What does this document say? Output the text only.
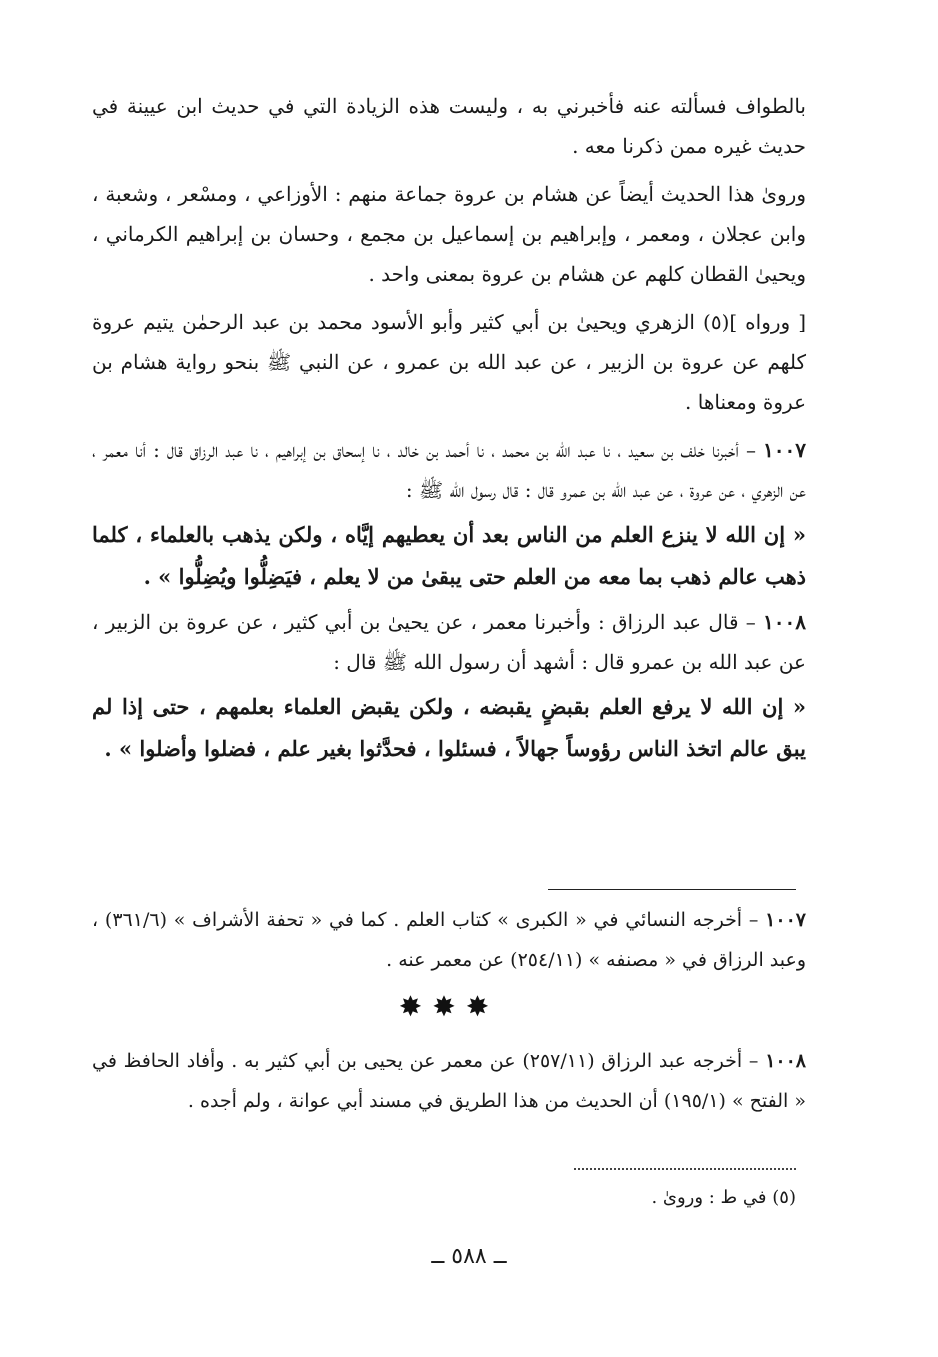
بالطواف فسألته عنه فأخبرني به ، وليست هذه الزيادة التي في حديث ابن عيينة في حديث غيره ممن ذكرنا معه .

وروىٰ هذا الحديث أيضاً عن هشام بن عروة جماعة منهم : الأوزاعي ، ومسْعر ، وشعبة ، وابن عجلان ، ومعمر ، وإبراهيم بن إسماعيل بن مجمع ، وحسان بن إبراهيم الكرماني ، ويحيىٰ القطان كلهم عن هشام بن عروة بمعنى واحد .

[ ورواه ](٥) الزهري ويحيىٰ بن أبي كثير وأبو الأسود محمد بن عبد الرحمٰن يتيم عروة كلهم عن عروة بن الزبير ، عن عبد الله بن عمرو ، عن النبي ﷺ بنحو رواية هشام بن عروة ومعناها .

١٠٠٧ – أخبرنا خلف بن سعيد ، نا عبد الله بن محمد ، نا أحمد بن خالد ، نا إسحاق بن إبراهيم ، نا عبد الرزاق قال : أنا معمر ، عن الزهري ، عن عروة ، عن عبد الله بن عمرو قال : قال رسول الله ﷺ :

« إن الله لا ينزع العلم من الناس بعد أن يعطيهم إيَّاه ، ولكن يذهب بالعلماء ، كلما ذهب عالم ذهب بما معه من العلم حتى يبقىٰ من لا يعلم ، فيَضِلُّوا ويُضِلُّوا » .

١٠٠٨ – قال عبد الرزاق : وأخبرنا معمر ، عن يحيىٰ بن أبي كثير ، عن عروة بن الزبير ، عن عبد الله بن عمرو قال : أشهد أن رسول الله ﷺ قال :

« إن الله لا يرفع العلم بقبضٍ يقبضه ، ولكن يقبض العلماء بعلمهم ، حتى إذا لم يبق عالم اتخذ الناس رؤوساً جهالاً ، فسئلوا ، فحدَّثوا بغير علم ، فضلوا وأضلوا » .

١٠٠٧ – أخرجه النسائي في « الكبرى » كتاب العلم . كما في « تحفة الأشراف » (٣٦١/٦) ، وعبد الرزاق في « مصنفه » (٢٥٤/١١) عن معمر عنه .

✸✸✸

١٠٠٨ – أخرجه عبد الرزاق (٢٥٧/١١) عن معمر عن يحيى بن أبي كثير به . وأفاد الحافظ في « الفتح » (١٩٥/١) أن الحديث من هذا الطريق في مسند أبي عوانة ، ولم أجده .

(٥) في ط : وروىٰ .
ــ ٥٨٨ ــ
